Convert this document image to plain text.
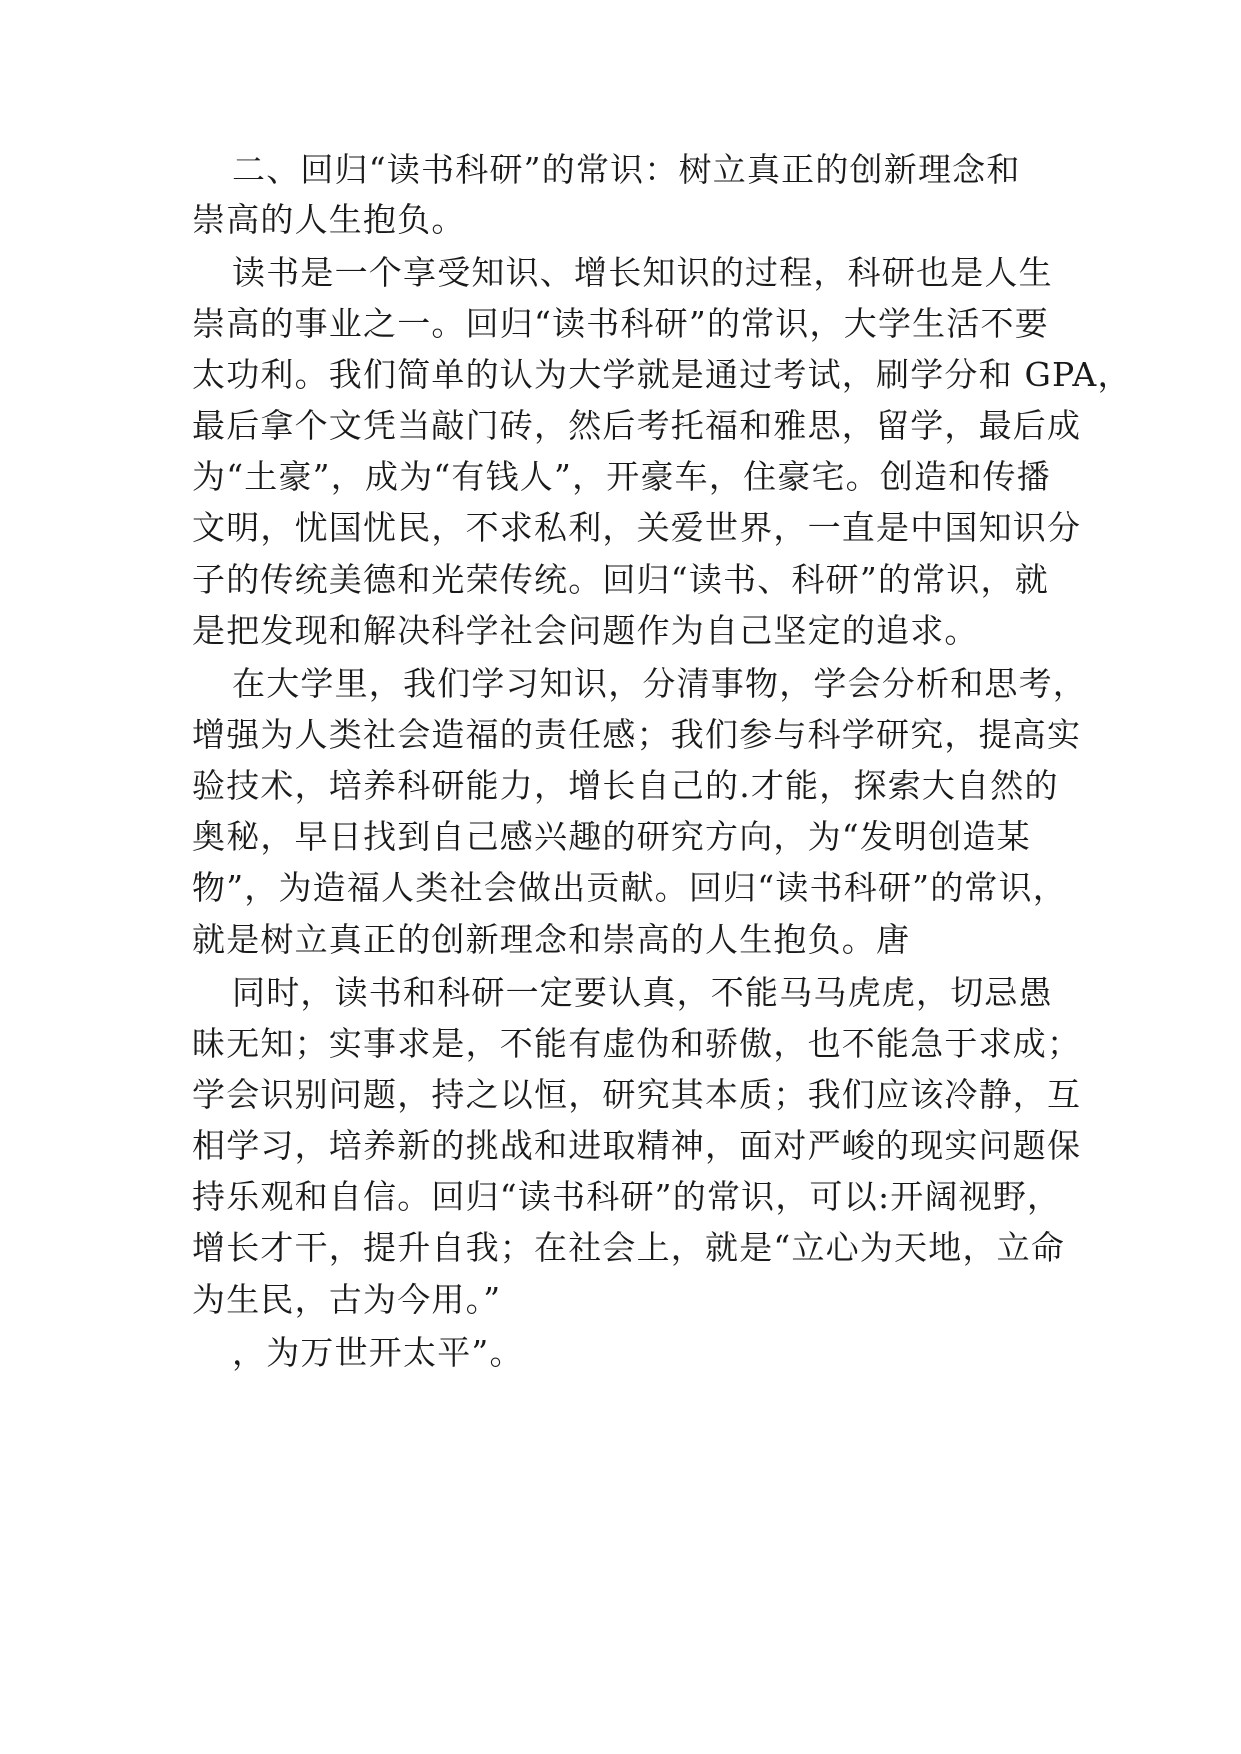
二、回归“读书科研”的常识：树立真正的创新理念和
崇高的人生抱负。
读书是一个享受知识、增长知识的过程，科研也是人生
崇高的事业之一。回归“读书科研”的常识，大学生活不要
太功利。我们简单的认为大学就是通过考试，刷学分和 GPA，
最后拿个文凭当敲门砖，然后考托福和雅思，留学，最后成
为“土豪”，成为“有钱人”，开豪车，住豪宅。创造和传播
文明，忧国忧民，不求私利，关爱世界，一直是中国知识分
子的传统美德和光荣传统。回归“读书、科研”的常识，就
是把发现和解决科学社会问题作为自己坚定的追求。
在大学里，我们学习知识，分清事物，学会分析和思考，
增强为人类社会造福的责任感；我们参与科学研究，提高实
验技术，培养科研能力，增长自己的.才能，探索大自然的
奥秘，早日找到自己感兴趣的研究方向，为“发明创造某
物”，为造福人类社会做出贡献。回归“读书科研”的常识，
就是树立真正的创新理念和崇高的人生抱负。唐
同时，读书和科研一定要认真，不能马马虎虎，切忌愚
昧无知；实事求是，不能有虚伪和骄傲，也不能急于求成；
学会识别问题，持之以恒，研究其本质；我们应该冷静，互
相学习，培养新的挑战和进取精神，面对严峻的现实问题保
持乐观和自信。回归“读书科研”的常识，可以:开阔视野，
增长才干，提升自我；在社会上，就是“立心为天地，立命
为生民，古为今用。”
，为万世开太平”。
